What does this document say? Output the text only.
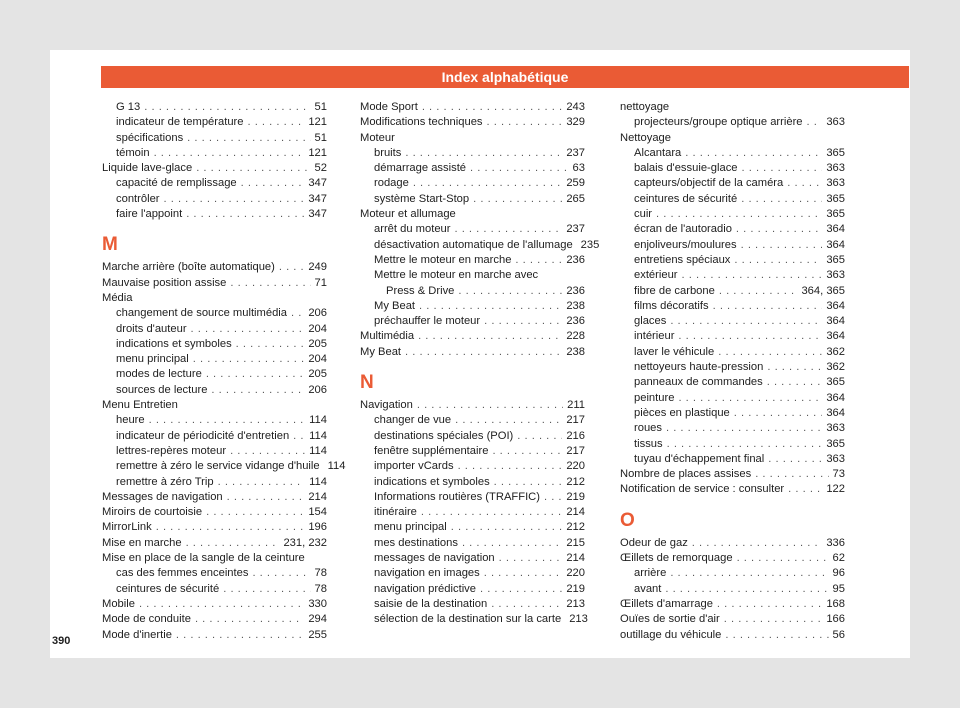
Index alphabétique
G 13 . . .	51
indicateur de température . . .	121
spécifications . . .	51
témoin . . .	121
Liquide lave-glace . . .	52
capacité de remplissage . . .	347
contrôler . . .	347
faire l'appoint . . .	347
M
Marche arrière (boîte automatique) . . .	249
Mauvaise position assise . . .	71
Média
changement de source multimédia . . . 206
droits d'auteur . . .	204
indications et symboles . . .	205
menu principal . . .	204
modes de lecture . . .	205
sources de lecture . . .	206
Menu Entretien
heure . . .	114
indicateur de périodicité d'entretien . . . 114
lettres-repères moteur . . .	114
remettre à zéro le service vidange d'huile 114
remettre à zéro Trip . . .	114
Messages de navigation . . .	214
Miroirs de courtoisie . . .	154
MirrorLink . . .	196
Mise en marche . . .	231, 232
Mise en place de la sangle de la ceinture
cas des femmes enceintes . . .	78
ceintures de sécurité . . .	78
Mobile . . .	330
Mode de conduite . . .	294
Mode d'inertie . . .	255
Mode Sport . . .	243
Modifications techniques . . .	329
Moteur
bruits . . .	237
démarrage assisté . . .	63
rodage . . .	259
système Start-Stop . . .	265
Moteur et allumage
arrêt du moteur . . .	237
désactivation automatique de l'allumage 235
Mettre le moteur en marche . . .	236
Mettre le moteur en marche avec
Press & Drive . . .	236
My Beat . . .	238
préchauffer le moteur . . .	236
Multimédia . . .	228
My Beat . . .	238
N
Navigation . . .	211
changer de vue . . .	217
destinations spéciales (POI) . . .	216
fenêtre supplémentaire . . .	217
importer vCards . . .	220
indications et symboles . . .	212
Informations routières (TRAFFIC) . . . 219
itinéraire . . .	214
menu principal . . .	212
mes destinations . . .	215
messages de navigation . . .	214
navigation en images . . .	220
navigation prédictive . . .	219
saisie de la destination . . .	213
sélection de la destination sur la carte 213
nettoyage
projecteurs/groupe optique arrière . . . 363
Nettoyage
Alcantara . . .	365
balais d'essuie-glace . . .	363
capteurs/objectif de la caméra . . .	363
ceintures de sécurité . . .	365
cuir . . .	365
écran de l'autoradio . . .	364
enjoliveurs/moulures . . .	364
entretiens spéciaux . . .	365
extérieur . . .	363
fibre de carbone . . .	364, 365
films décoratifs . . .	364
glaces . . .	364
intérieur . . .	364
laver le véhicule . . .	362
nettoyeurs haute-pression . . .	362
panneaux de commandes . . .	365
peinture . . .	364
pièces en plastique . . .	364
roues . . .	363
tissus . . .	365
tuyau d'échappement final . . .	363
Nombre de places assises . . .	73
Notification de service : consulter . . .	122
O
Odeur de gaz . . .	336
Œillets de remorquage . . .	62
arrière . . .	96
avant . . .	95
Œillets d'amarrage . . .	168
Ouïes de sortie d'air . . .	166
outillage du véhicule . . .	56
390
